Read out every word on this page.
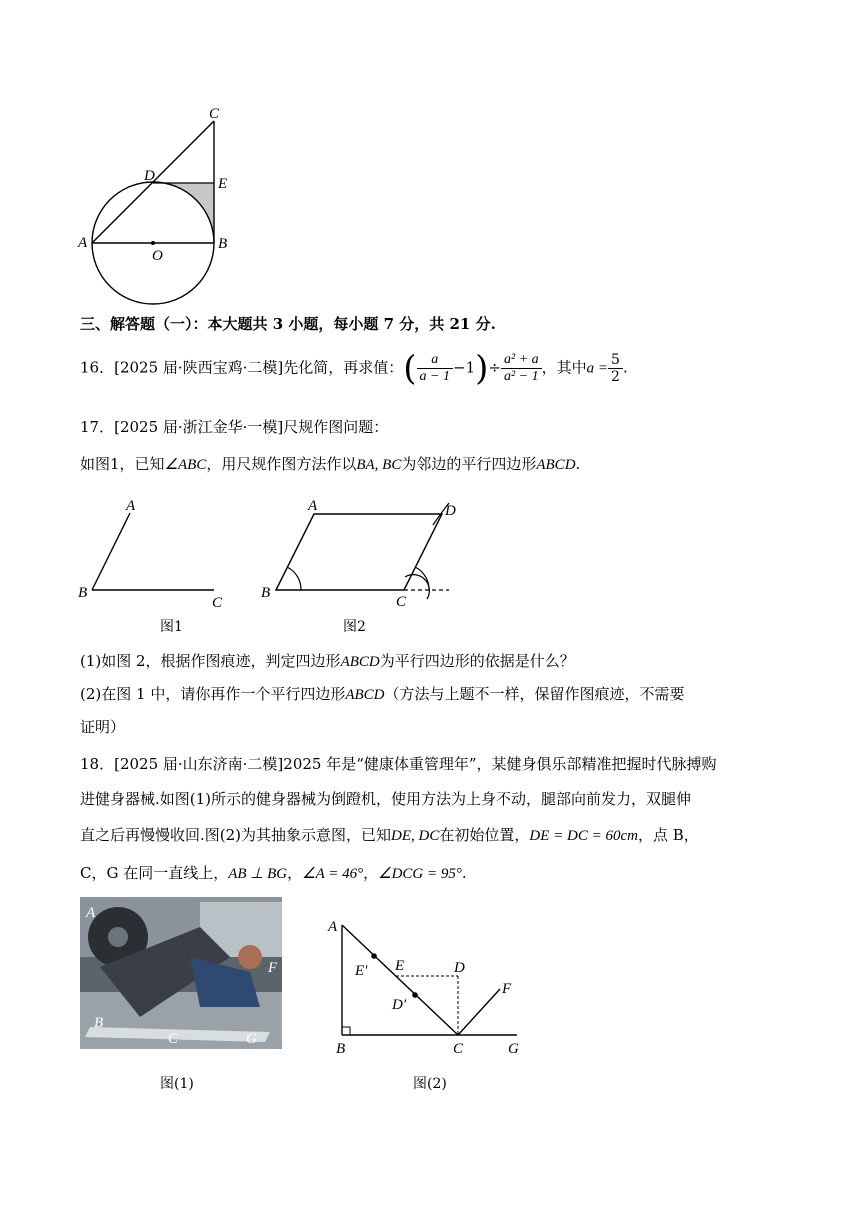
C
D	E
A	B
O
三、解答题（一）：本大题共 3 小题，每小题 7 分，共 21 分.
16．[2025 届·陕西宝鸡·二模]先化简，再求值：( $\frac{a}{a - 1} -1)\div \frac{\text{a² + a}}{\text{a² − 1}}$ ，其中$a = \frac{5}{2}$ .
17．[2025 届·浙江金华·一模]尺规作图问题：
如图1，已知∠ABC，用尺规作图方法作以BA, BC为邻边的平行四边形ABCD.
A
B
C
图1
A	D
B
C
图2
(1)如图 2，根据作图痕迹，判定四边形ABCD为平行四边形的依据是什么？
(2)在图 1 中，请你再作一个平行四边形ABCD（方法与上题不一样，保留作图痕迹，不需要
证明）
18．[2025 届·山东济南·二模]2025 年是“健康体重管理年”，某健身俱乐部精准把握时代脉搏购
进健身器械.如图(1)所示的健身器械为倒蹬机，使用方法为上身不动，腿部向前发力，双腿伸
直之后再慢慢收回.图(2)为其抽象示意图，已知DE, DC在初始位置，DE = DC = 60cm，点 B，
C，G 在同一直线上，AB ⊥ BG，∠A = 46°，∠DCG = 95°.
A
F
B
C	G
图(1)
A
E′ E	D
D′
F
B	C	G
图(2)
